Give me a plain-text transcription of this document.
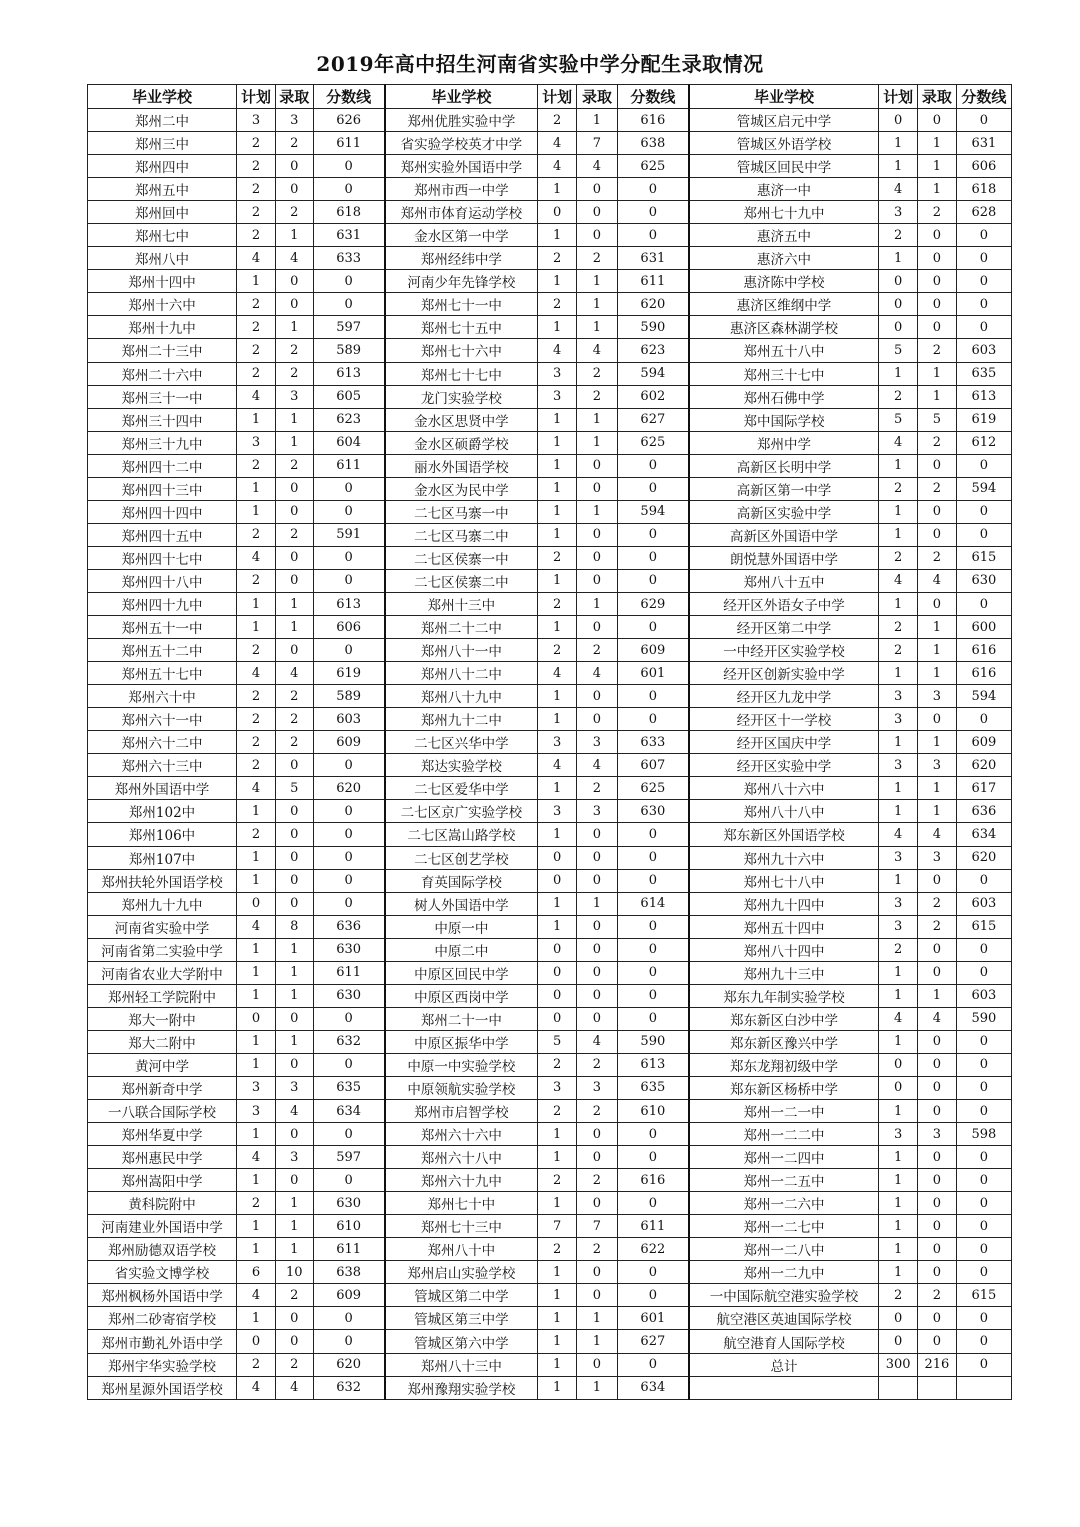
2019年高中招生河南省实验中学分配生录取情况
毕业学校	计划	录取	分数线	毕业学校	计划	录取	分数线	毕业学校	计划	录取	分数线
郑州二中	3	3	626	郑州优胜实验中学	2	1	616	管城区启元中学	0	0	0
郑州三中	2	2	611	省实验学校英才中学	4	7	638	管城区外语学校	1	1	631
郑州四中	2	0	0	郑州实验外国语中学	4	4	625	管城区回民中学	1	1	606
郑州五中	2	0	0	郑州市西一中学	1	0	0	惠济一中	4	1	618
郑州回中	2	2	618	郑州市体育运动学校	0	0	0	郑州七十九中	3	2	628
郑州七中	2	1	631	金水区第一中学	1	0	0	惠济五中	2	0	0
郑州八中	4	4	633	郑州经纬中学	2	2	631	惠济六中	1	0	0
郑州十四中	1	0	0	河南少年先锋学校	1	1	611	惠济陈中学校	0	0	0
郑州十六中	2	0	0	郑州七十一中	2	1	620	惠济区维纲中学	0	0	0
郑州十九中	2	1	597	郑州七十五中	1	1	590	惠济区森林湖学校	0	0	0
郑州二十三中	2	2	589	郑州七十六中	4	4	623	郑州五十八中	5	2	603
郑州二十六中	2	2	613	郑州七十七中	3	2	594	郑州三十七中	1	1	635
郑州三十一中	4	3	605	龙门实验学校	3	2	602	郑州石佛中学	2	1	613
郑州三十四中	1	1	623	金水区思贤中学	1	1	627	郑中国际学校	5	5	619
郑州三十九中	3	1	604	金水区硕爵学校	1	1	625	郑州中学	4	2	612
郑州四十二中	2	2	611	丽水外国语学校	1	0	0	高新区长明中学	1	0	0
郑州四十三中	1	0	0	金水区为民中学	1	0	0	高新区第一中学	2	2	594
郑州四十四中	1	0	0	二七区马寨一中	1	1	594	高新区实验中学	1	0	0
郑州四十五中	2	2	591	二七区马寨二中	1	0	0	高新区外国语中学	1	0	0
郑州四十七中	4	0	0	二七区侯寨一中	2	0	0	朗悦慧外国语中学	2	2	615
郑州四十八中	2	0	0	二七区侯寨二中	1	0	0	郑州八十五中	4	4	630
郑州四十九中	1	1	613	郑州十三中	2	1	629	经开区外语女子中学	1	0	0
郑州五十一中	1	1	606	郑州二十二中	1	0	0	经开区第二中学	2	1	600
郑州五十二中	2	0	0	郑州八十一中	2	2	609	一中经开区实验学校	2	1	616
郑州五十七中	4	4	619	郑州八十二中	4	4	601	经开区创新实验中学	1	1	616
郑州六十中	2	2	589	郑州八十九中	1	0	0	经开区九龙中学	3	3	594
郑州六十一中	2	2	603	郑州九十二中	1	0	0	经开区十一学校	3	0	0
郑州六十二中	2	2	609	二七区兴华中学	3	3	633	经开区国庆中学	1	1	609
郑州六十三中	2	0	0	郑达实验学校	4	4	607	经开区实验中学	3	3	620
郑州外国语中学	4	5	620	二七区爱华中学	1	2	625	郑州八十六中	1	1	617
郑州102中	1	0	0	二七区京广实验学校	3	3	630	郑州八十八中	1	1	636
郑州106中	2	0	0	二七区嵩山路学校	1	0	0	郑东新区外国语学校	4	4	634
郑州107中	1	0	0	二七区创艺学校	0	0	0	郑州九十六中	3	3	620
郑州扶轮外国语学校	1	0	0	育英国际学校	0	0	0	郑州七十八中	1	0	0
郑州九十九中	0	0	0	树人外国语中学	1	1	614	郑州九十四中	3	2	603
河南省实验中学	4	8	636	中原一中	1	0	0	郑州五十四中	3	2	615
河南省第二实验中学	1	1	630	中原二中	0	0	0	郑州八十四中	2	0	0
河南省农业大学附中	1	1	611	中原区回民中学	0	0	0	郑州九十三中	1	0	0
郑州轻工学院附中	1	1	630	中原区西岗中学	0	0	0	郑东九年制实验学校	1	1	603
郑大一附中	0	0	0	郑州二十一中	0	0	0	郑东新区白沙中学	4	4	590
郑大二附中	1	1	632	中原区振华中学	5	4	590	郑东新区豫兴中学	1	0	0
黄河中学	1	0	0	中原一中实验学校	2	2	613	郑东龙翔初级中学	0	0	0
郑州新奇中学	3	3	635	中原领航实验学校	3	3	635	郑东新区杨桥中学	0	0	0
一八联合国际学校	3	4	634	郑州市启智学校	2	2	610	郑州一二一中	1	0	0
郑州华夏中学	1	0	0	郑州六十六中	1	0	0	郑州一二二中	3	3	598
郑州惠民中学	4	3	597	郑州六十八中	1	0	0	郑州一二四中	1	0	0
郑州嵩阳中学	1	0	0	郑州六十九中	2	2	616	郑州一二五中	1	0	0
黄科院附中	2	1	630	郑州七十中	1	0	0	郑州一二六中	1	0	0
河南建业外国语中学	1	1	610	郑州七十三中	7	7	611	郑州一二七中	1	0	0
郑州励德双语学校	1	1	611	郑州八十中	2	2	622	郑州一二八中	1	0	0
省实验文博学校	6	10	638	郑州启山实验学校	1	0	0	郑州一二九中	1	0	0
郑州枫杨外国语中学	4	2	609	管城区第二中学	1	0	0	一中国际航空港实验学校	2	2	615
郑州二砂寄宿学校	1	0	0	管城区第三中学	1	1	601	航空港区英迪国际学校	0	0	0
郑州市勤礼外语中学	0	0	0	管城区第六中学	1	1	627	航空港育人国际学校	0	0	0
郑州宇华实验学校	2	2	620	郑州八十三中	1	0	0	总计	300	216	0
郑州星源外国语学校	4	4	632	郑州豫翔实验学校	1	1	634				
